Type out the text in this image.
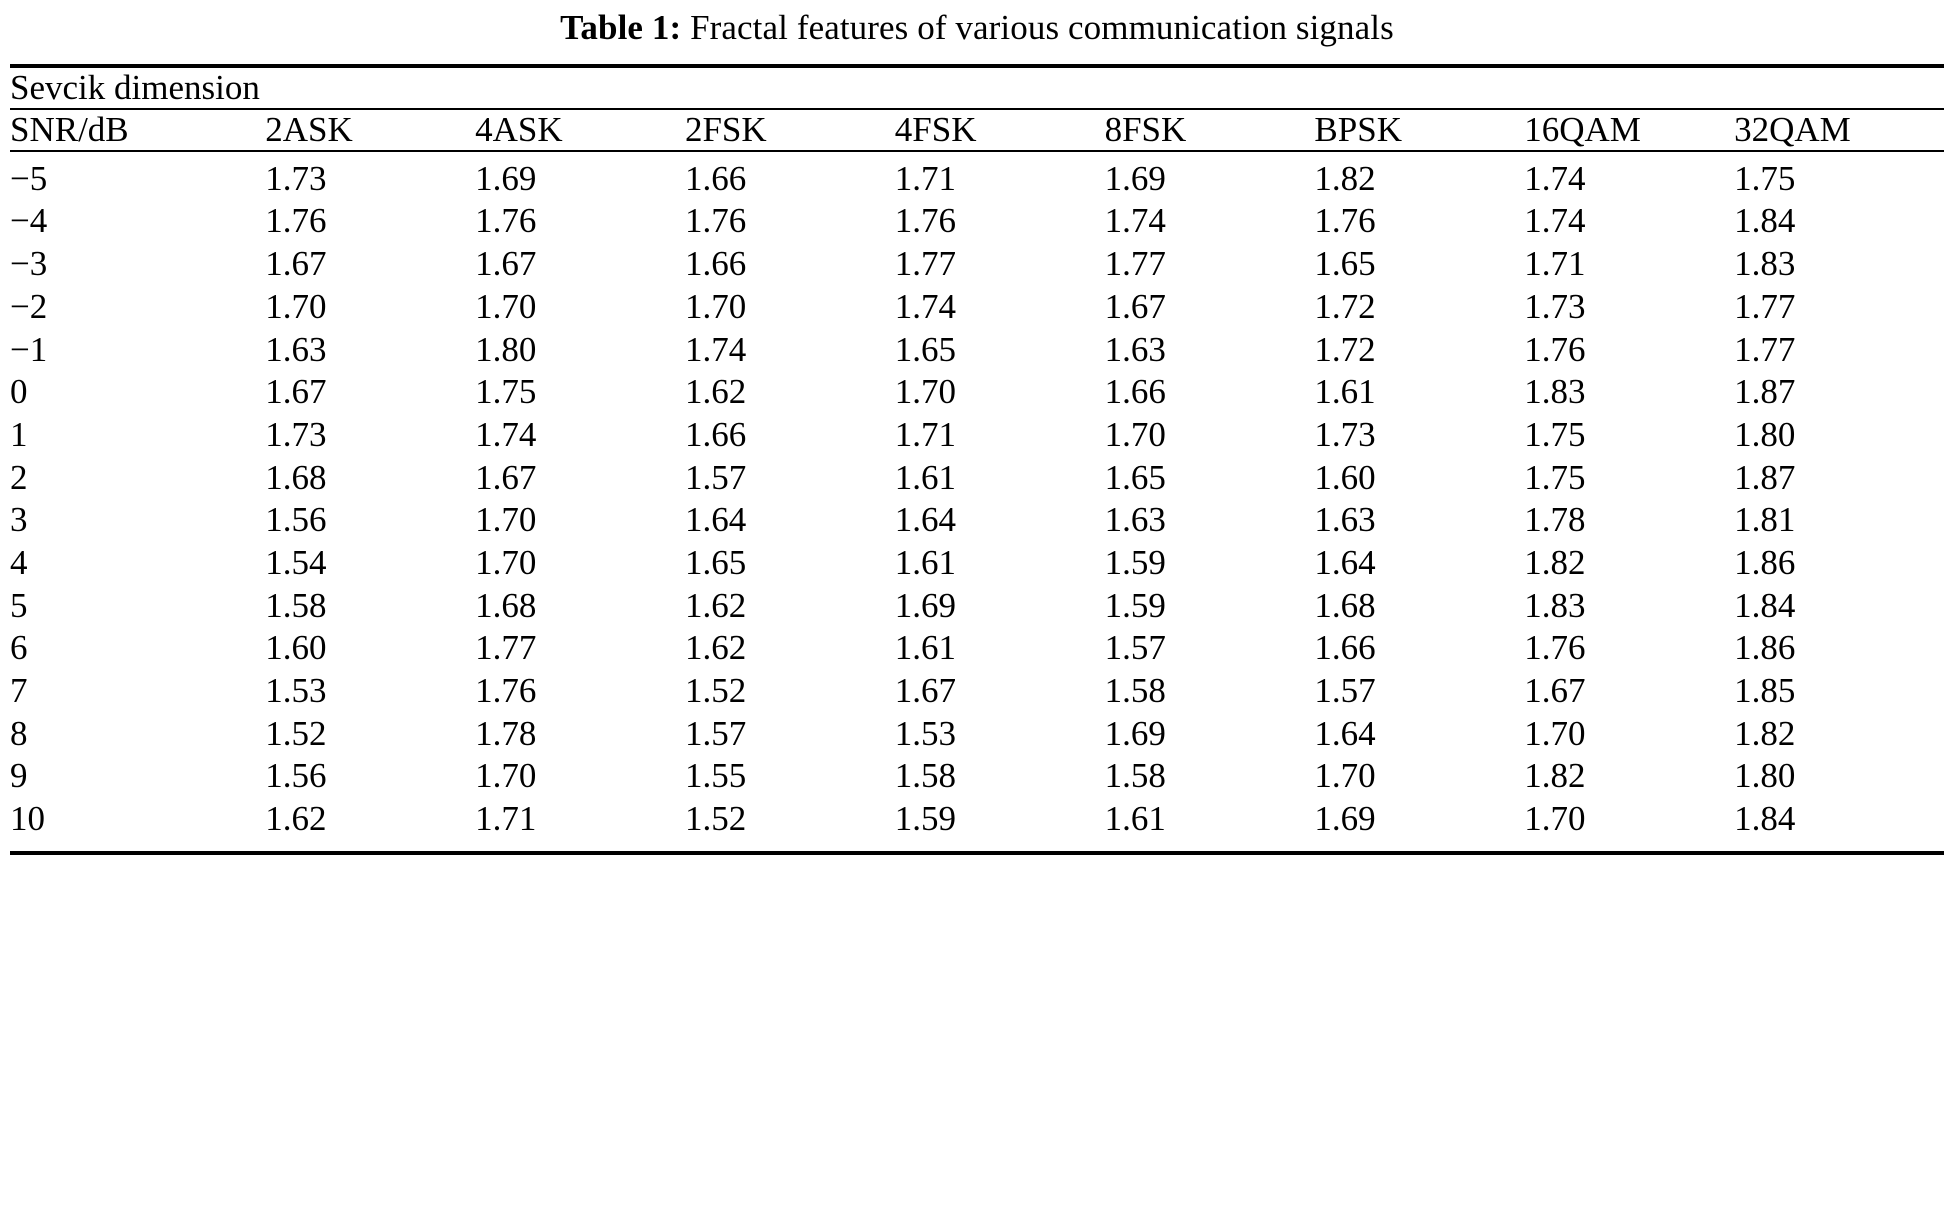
Table 1: Fractal features of various communication signals
Sevcik dimension								

SNR/dB	2ASK	4ASK	2FSK	4FSK	8FSK	BPSK	16QAM	32QAM

−5	1.73	1.69	1.66	1.71	1.69	1.82	1.74	1.75
−4	1.76	1.76	1.76	1.76	1.74	1.76	1.74	1.84
−3	1.67	1.67	1.66	1.77	1.77	1.65	1.71	1.83
−2	1.70	1.70	1.70	1.74	1.67	1.72	1.73	1.77
−1	1.63	1.80	1.74	1.65	1.63	1.72	1.76	1.77
0	1.67	1.75	1.62	1.70	1.66	1.61	1.83	1.87
1	1.73	1.74	1.66	1.71	1.70	1.73	1.75	1.80
2	1.68	1.67	1.57	1.61	1.65	1.60	1.75	1.87
3	1.56	1.70	1.64	1.64	1.63	1.63	1.78	1.81
4	1.54	1.70	1.65	1.61	1.59	1.64	1.82	1.86
5	1.58	1.68	1.62	1.69	1.59	1.68	1.83	1.84
6	1.60	1.77	1.62	1.61	1.57	1.66	1.76	1.86
7	1.53	1.76	1.52	1.67	1.58	1.57	1.67	1.85
8	1.52	1.78	1.57	1.53	1.69	1.64	1.70	1.82
9	1.56	1.70	1.55	1.58	1.58	1.70	1.82	1.80
10	1.62	1.71	1.52	1.59	1.61	1.69	1.70	1.84
